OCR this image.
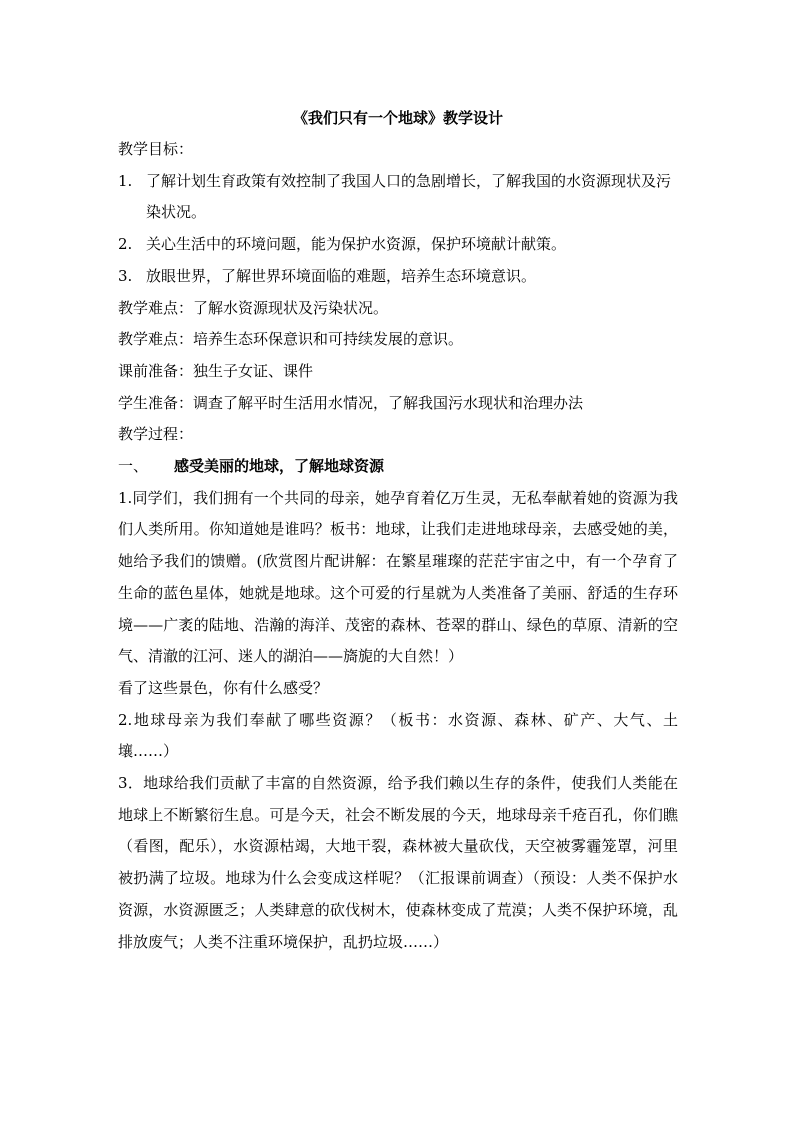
《我们只有一个地球》教学设计
教学目标：
1. 了解计划生育政策有效控制了我国人口的急剧增长，了解我国的水资源现状及污染状况。
2. 关心生活中的环境问题，能为保护水资源，保护环境献计献策。
3. 放眼世界，了解世界环境面临的难题，培养生态环境意识。
教学难点：了解水资源现状及污染状况。
教学难点：培养生态环保意识和可持续发展的意识。
课前准备：独生子女证、课件
学生准备：调查了解平时生活用水情况，了解我国污水现状和治理办法
教学过程：
一、	感受美丽的地球，了解地球资源

1.同学们，我们拥有一个共同的母亲，她孕育着亿万生灵，无私奉献着她的资源为我们人类所用。你知道她是谁吗？板书：地球，让我们走进地球母亲，去感受她的美，她给予我们的馈赠。(欣赏图片配讲解：在繁星璀璨的茫茫宇宙之中，有一个孕育了生命的蓝色星体，她就是地球。这个可爱的行星就为人类准备了美丽、舒适的生存环境——广袤的陆地、浩瀚的海洋、茂密的森林、苍翠的群山、绿色的草原、清新的空气、清澈的江河、迷人的湖泊——旖旎的大自然！）

看了这些景色，你有什么感受？

2.地球母亲为我们奉献了哪些资源？（板书：水资源、森林、矿产、大气、土壤……）

3．地球给我们贡献了丰富的自然资源，给予我们赖以生存的条件，使我们人类能在地球上不断繁衍生息。可是今天，社会不断发展的今天，地球母亲千疮百孔，你们瞧（看图，配乐），水资源枯竭，大地干裂，森林被大量砍伐，天空被雾霾笼罩，河里被扔满了垃圾。地球为什么会变成这样呢？（汇报课前调查）（预设：人类不保护水资源，水资源匮乏；人类肆意的砍伐树木，使森林变成了荒漠；人类不保护环境，乱排放废气；人类不注重环境保护，乱扔垃圾……）
